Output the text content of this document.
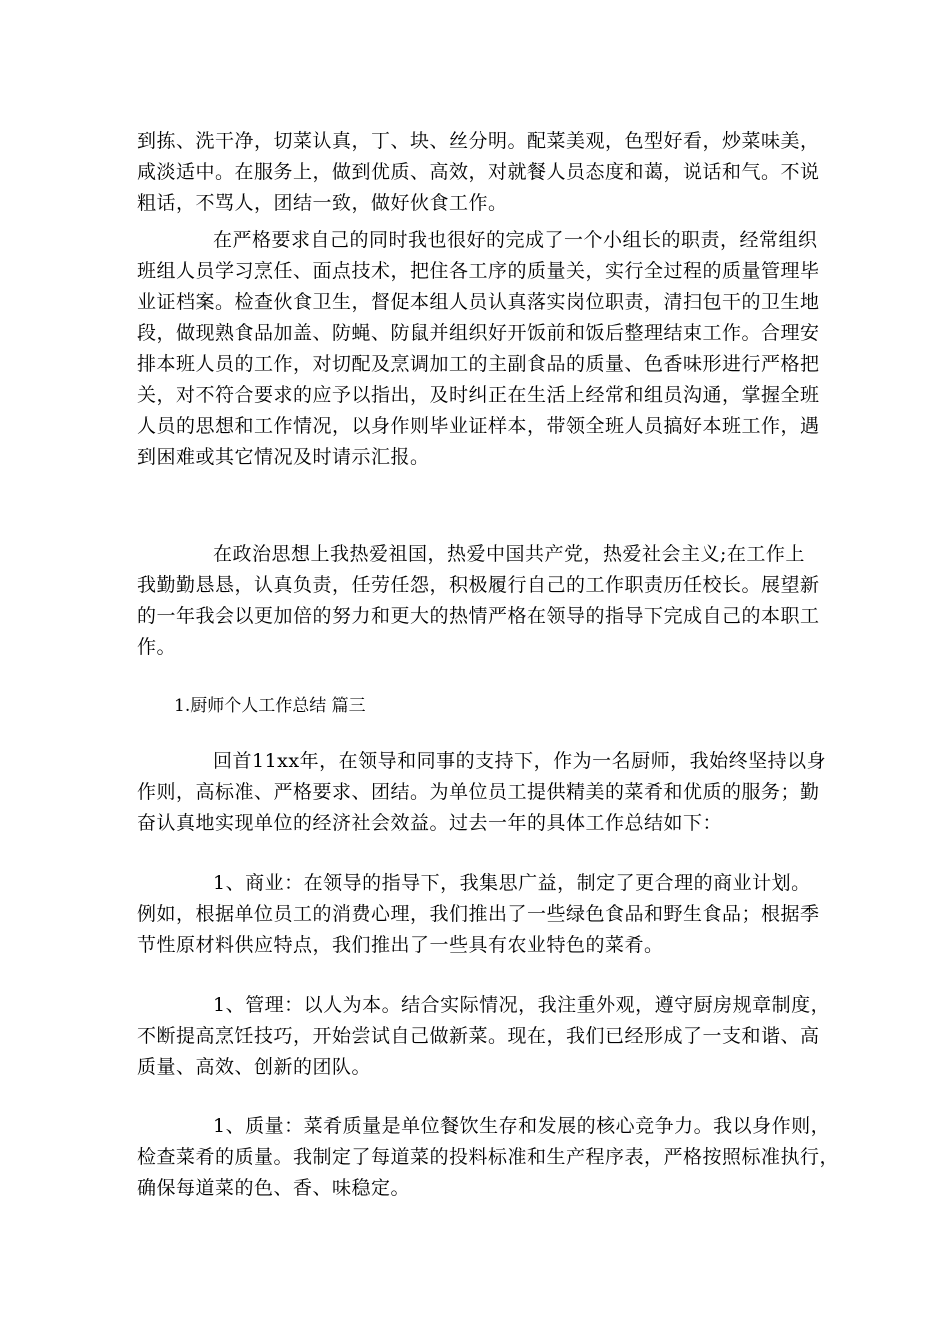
到拣、洗干净，切菜认真，丁、块、丝分明。配菜美观，色型好看，炒菜味美，
咸淡适中。在服务上，做到优质、高效，对就餐人员态度和蔼，说话和气。不说
粗话，不骂人，团结一致，做好伙食工作。
在严格要求自己的同时我也很好的完成了一个小组长的职责，经常组织
班组人员学习烹任、面点技术，把住各工序的质量关，实行全过程的质量管理毕
业证档案。检查伙食卫生，督促本组人员认真落实岗位职责，清扫包干的卫生地
段，做现熟食品加盖、防蝇、防鼠并组织好开饭前和饭后整理结束工作。合理安
排本班人员的工作，对切配及烹调加工的主副食品的质量、色香味形进行严格把
关，对不符合要求的应予以指出，及时纠正在生活上经常和组员沟通，掌握全班
人员的思想和工作情况，以身作则毕业证样本，带领全班人员搞好本班工作，遇
到困难或其它情况及时请示汇报。
在政治思想上我热爱祖国，热爱中国共产党，热爱社会主义;在工作上
我勤勤恳恳，认真负责，任劳任怨，积极履行自己的工作职责历任校长。展望新
的一年我会以更加倍的努力和更大的热情严格在领导的指导下完成自己的本职工
作。
1.厨师个人工作总结 篇三
回首11xx年，在领导和同事的支持下，作为一名厨师，我始终坚持以身
作则，高标准、严格要求、团结。为单位员工提供精美的菜肴和优质的服务；勤
奋认真地实现单位的经济社会效益。过去一年的具体工作总结如下：
1、商业：在领导的指导下，我集思广益，制定了更合理的商业计划。
例如，根据单位员工的消费心理，我们推出了一些绿色食品和野生食品；根据季
节性原材料供应特点，我们推出了一些具有农业特色的菜肴。
1、管理：以人为本。结合实际情况，我注重外观，遵守厨房规章制度，
不断提高烹饪技巧，开始尝试自己做新菜。现在，我们已经形成了一支和谐、高
质量、高效、创新的团队。
1、质量：菜肴质量是单位餐饮生存和发展的核心竞争力。我以身作则，
检查菜肴的质量。我制定了每道菜的投料标准和生产程序表，严格按照标准执行，
确保每道菜的色、香、味稳定。
